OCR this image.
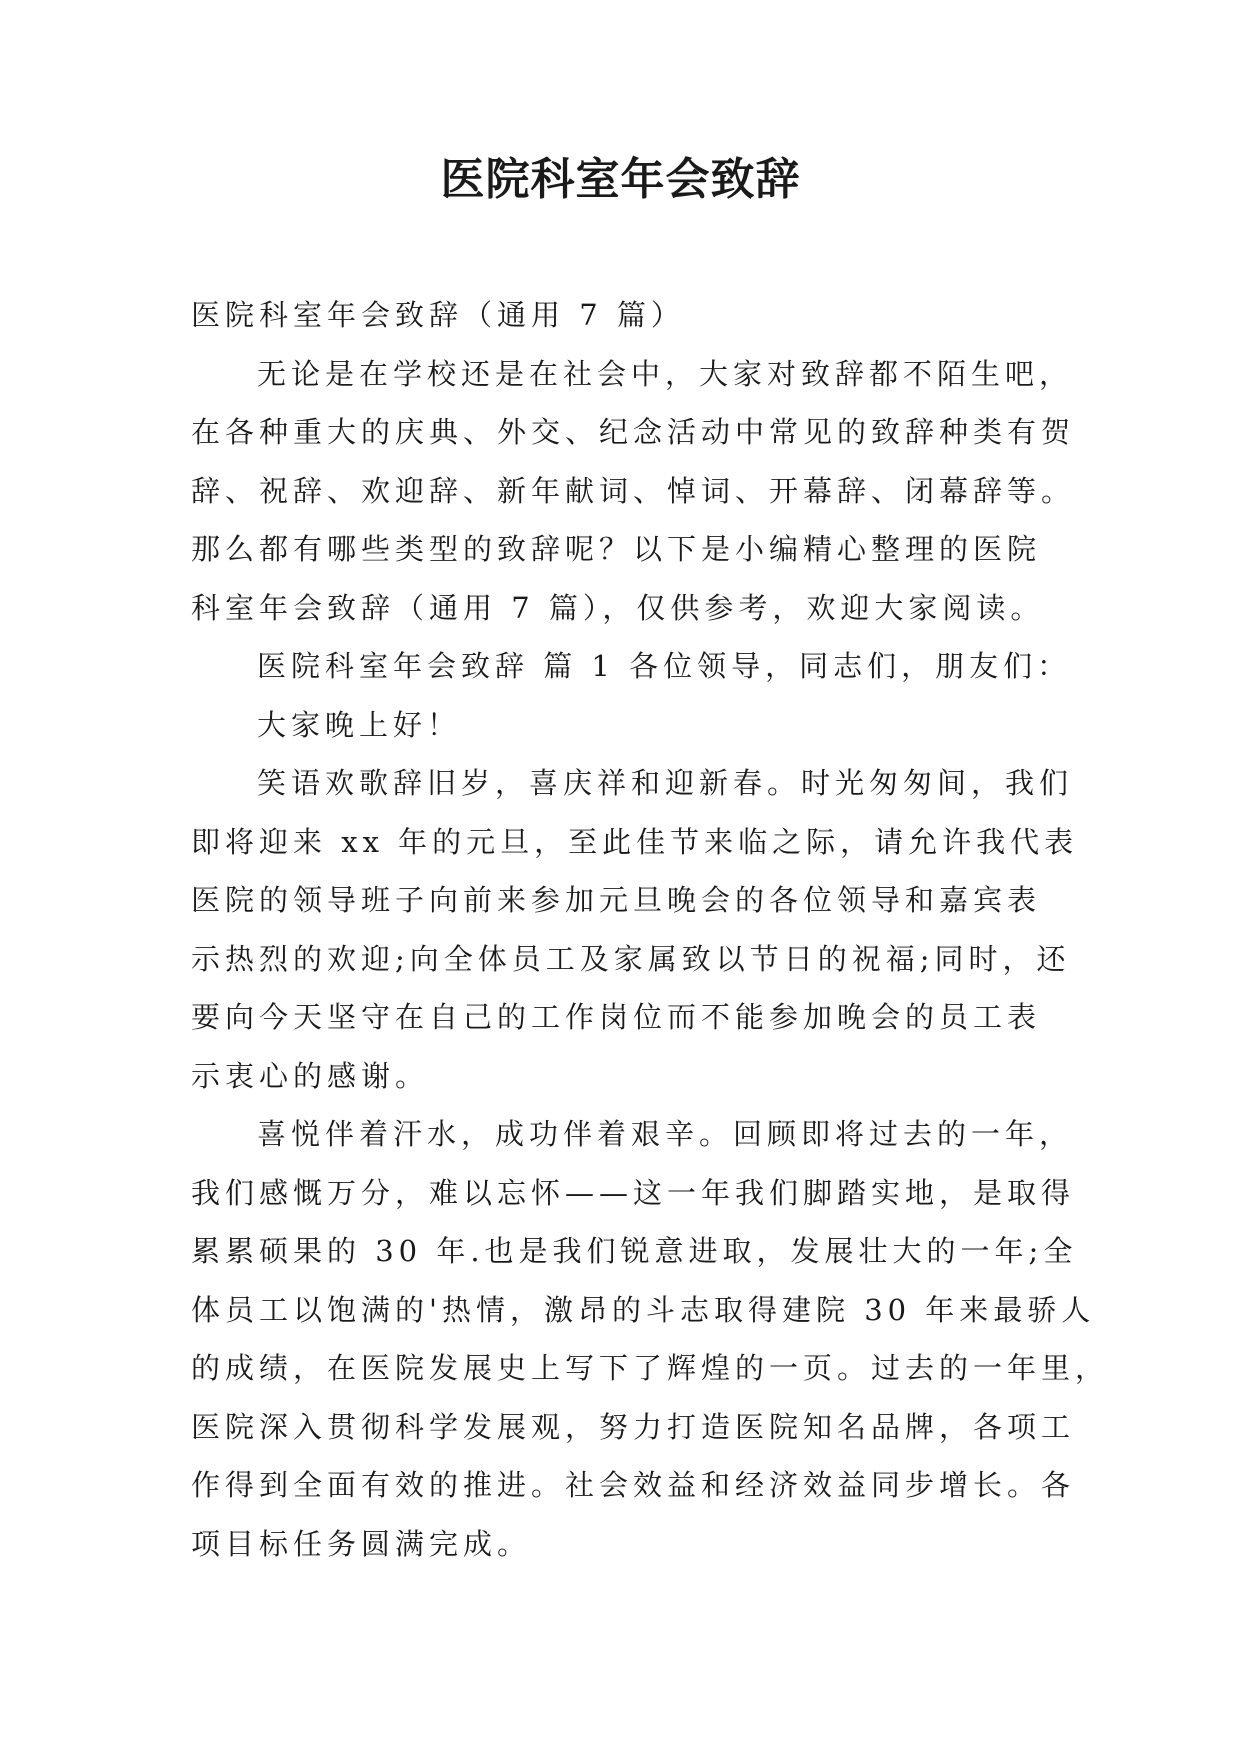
医院科室年会致辞
医院科室年会致辞（通用 7 篇）
无论是在学校还是在社会中，大家对致辞都不陌生吧，
在各种重大的庆典、外交、纪念活动中常见的致辞种类有贺
辞、祝辞、欢迎辞、新年献词、悼词、开幕辞、闭幕辞等。
那么都有哪些类型的致辞呢？以下是小编精心整理的医院
科室年会致辞（通用 7 篇），仅供参考，欢迎大家阅读。
医院科室年会致辞 篇 1 各位领导，同志们，朋友们：
大家晚上好！
笑语欢歌辞旧岁，喜庆祥和迎新春。时光匆匆间，我们
即将迎来 xx 年的元旦，至此佳节来临之际，请允许我代表
医院的领导班子向前来参加元旦晚会的各位领导和嘉宾表
示热烈的欢迎;向全体员工及家属致以节日的祝福;同时，还
要向今天坚守在自己的工作岗位而不能参加晚会的员工表
示衷心的感谢。
喜悦伴着汗水，成功伴着艰辛。回顾即将过去的一年，
我们感慨万分，难以忘怀——这一年我们脚踏实地，是取得
累累硕果的 30 年.也是我们锐意进取，发展壮大的一年;全
体员工以饱满的'热情，激昂的斗志取得建院 30 年来最骄人
的成绩，在医院发展史上写下了辉煌的一页。过去的一年里，
医院深入贯彻科学发展观，努力打造医院知名品牌，各项工
作得到全面有效的推进。社会效益和经济效益同步增长。各
项目标任务圆满完成。
